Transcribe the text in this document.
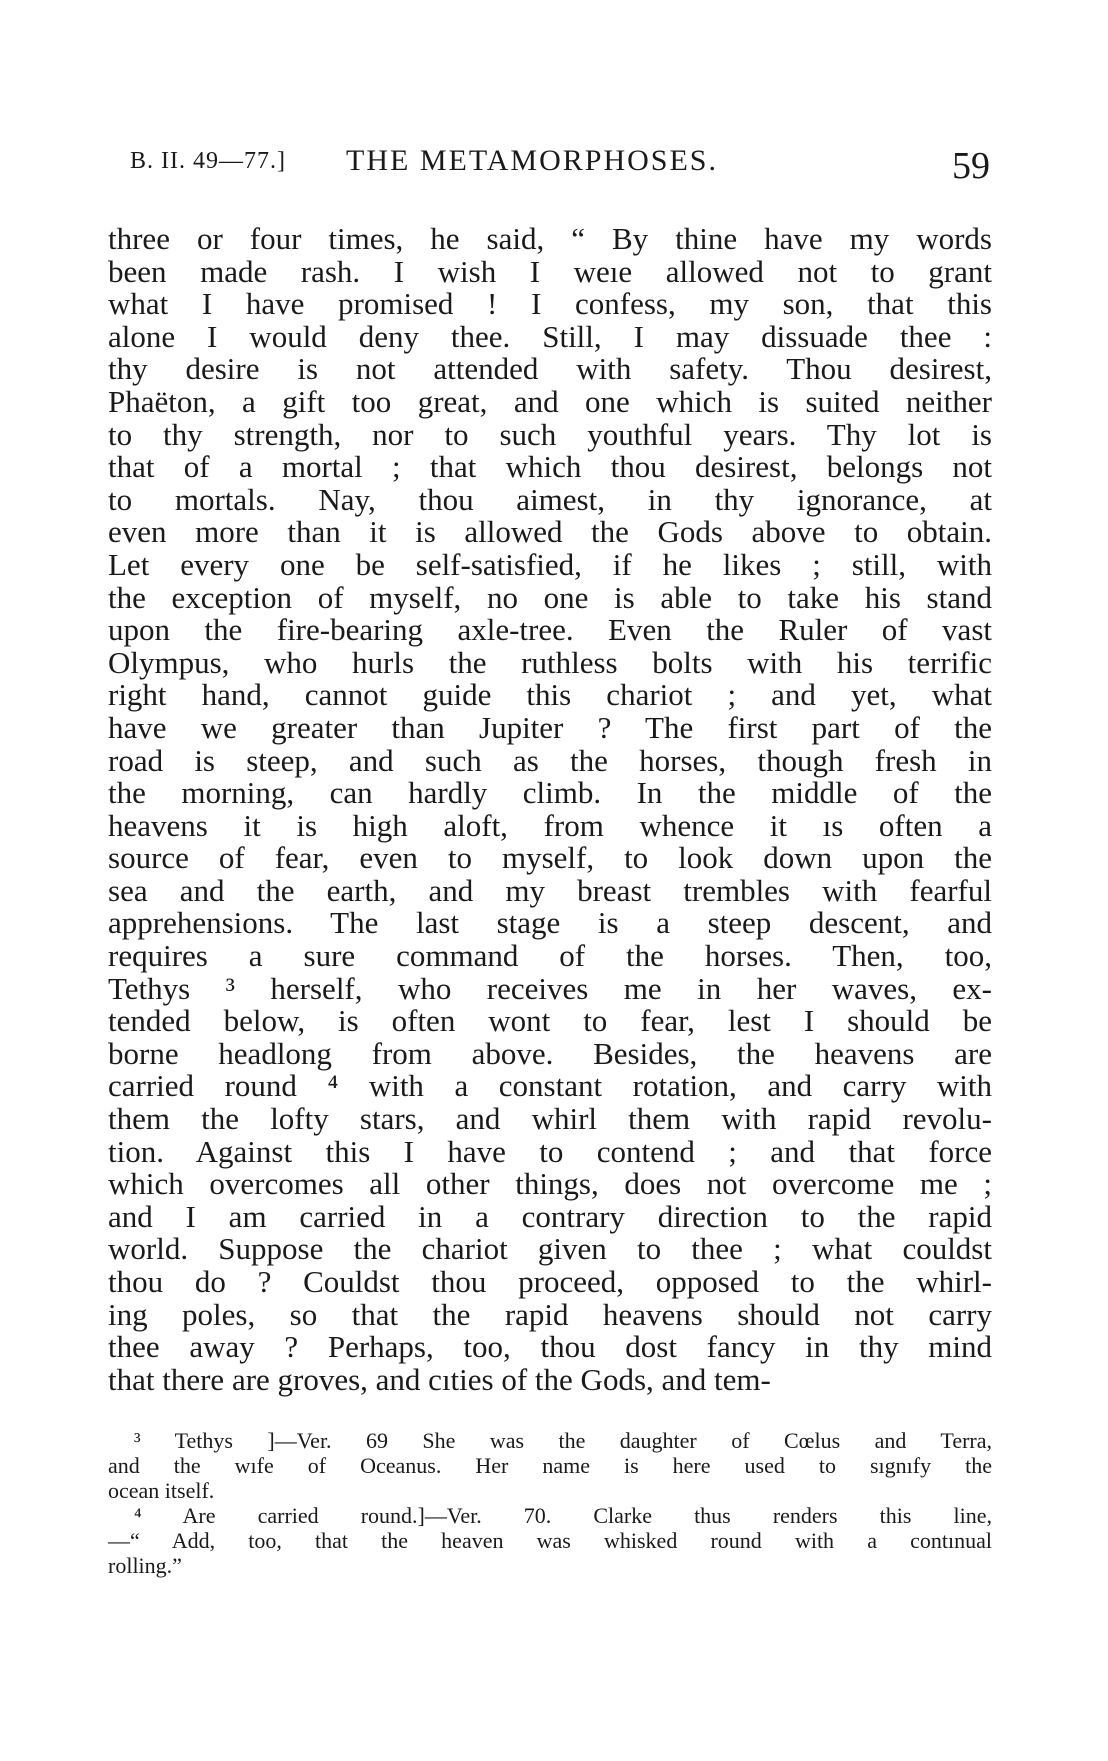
B. II. 49—77.] THE METAMORPHOSES.	59
three or four times, he said, “ By thine have my words
been made rash. I wish I weıe allowed not to grant
what I have promised ! I confess, my son, that this
alone I would deny thee. Still, I may dissuade thee :
thy desire is not attended with safety. Thou desirest,
Phaëton, a gift too great, and one which is suited neither
to thy strength, nor to such youthful years. Thy lot is
that of a mortal ; that which thou desirest, belongs not
to mortals. Nay, thou aimest, in thy ignorance, at
even more than it is allowed the Gods above to obtain.
Let every one be self-satisfied, if he likes ; still, with
the exception of myself, no one is able to take his stand
upon the fire-bearing axle-tree. Even the Ruler of vast
Olympus, who hurls the ruthless bolts with his terrific
right hand, cannot guide this chariot ; and yet, what
have we greater than Jupiter ? The first part of the
road is steep, and such as the horses, though fresh in
the morning, can hardly climb. In the middle of the
heavens it is high aloft, from whence it ıs often a
source of fear, even to myself, to look down upon the
sea and the earth, and my breast trembles with fearful
apprehensions. The last stage is a steep descent, and
requires a sure command of the horses. Then, too,
Tethys ³ herself, who receives me in her waves, ex-
tended below, is often wont to fear, lest I should be
borne headlong from above. Besides, the heavens are
carried round ⁴ with a constant rotation, and carry with
them the lofty stars, and whirl them with rapid revolu-
tion. Against this I have to contend ; and that force
which overcomes all other things, does not overcome me ;
and I am carried in a contrary direction to the rapid
world. Suppose the chariot given to thee ; what couldst
thou do ? Couldst thou proceed, opposed to the whirl-
ing poles, so that the rapid heavens should not carry
thee away ? Perhaps, too, thou dost fancy in thy mind
that there are groves, and cıties of the Gods, and tem-
³ Tethys ]—Ver. 69 She was the daughter of Cœlus and Terra,
and the wıfe of Oceanus. Her name is here used to sıgnıfy the
ocean itself.
⁴ Are carried round.]—Ver. 70. Clarke thus renders this line,
—“ Add, too, that the heaven was whisked round with a contınual
rolling.”
